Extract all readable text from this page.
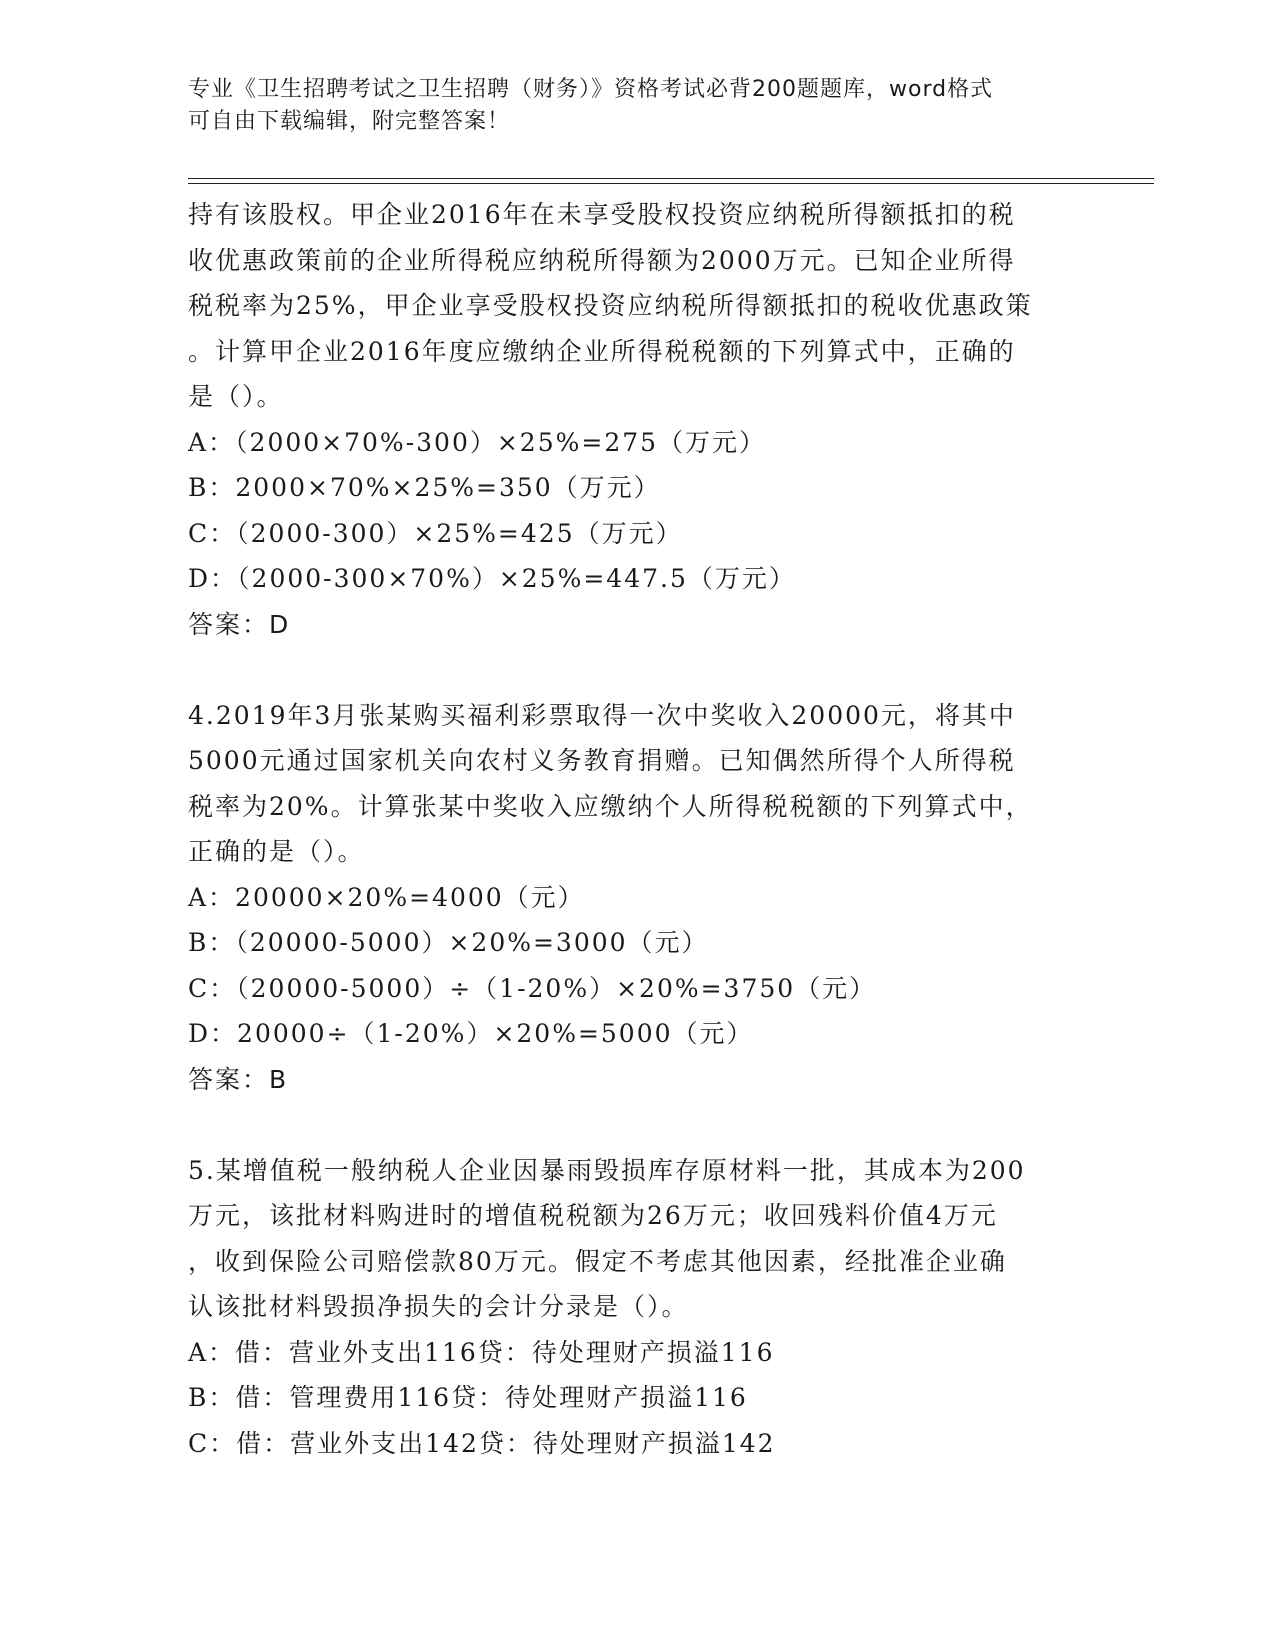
专业《卫生招聘考试之卫生招聘（财务）》资格考试必背200题题库，word格式
可自由下载编辑，附完整答案！
持有该股权。甲企业2016年在未享受股权投资应纳税所得额抵扣的税
收优惠政策前的企业所得税应纳税所得额为2000万元。已知企业所得
税税率为25%，甲企业享受股权投资应纳税所得额抵扣的税收优惠政策
。计算甲企业2016年度应缴纳企业所得税税额的下列算式中，正确的
是（）。
A：（2000×70%-300）×25%=275（万元）
B：2000×70%×25%=350（万元）
C：（2000-300）×25%=425（万元）
D：（2000-300×70%）×25%=447.5（万元）
答案：D
4.2019年3月张某购买福利彩票取得一次中奖收入20000元，将其中
5000元通过国家机关向农村义务教育捐赠。已知偶然所得个人所得税
税率为20%。计算张某中奖收入应缴纳个人所得税税额的下列算式中，
正确的是（）。
A：20000×20%=4000（元）
B：（20000-5000）×20%=3000（元）
C：（20000-5000）÷（1-20%）×20%=3750（元）
D：20000÷（1-20%）×20%=5000（元）
答案：B
5.某增值税一般纳税人企业因暴雨毁损库存原材料一批，其成本为200
万元，该批材料购进时的增值税税额为26万元；收回残料价值4万元
，收到保险公司赔偿款80万元。假定不考虑其他因素，经批准企业确
认该批材料毁损净损失的会计分录是（）。
A：借：营业外支出116贷：待处理财产损溢116
B：借：管理费用116贷：待处理财产损溢116
C：借：营业外支出142贷：待处理财产损溢142
